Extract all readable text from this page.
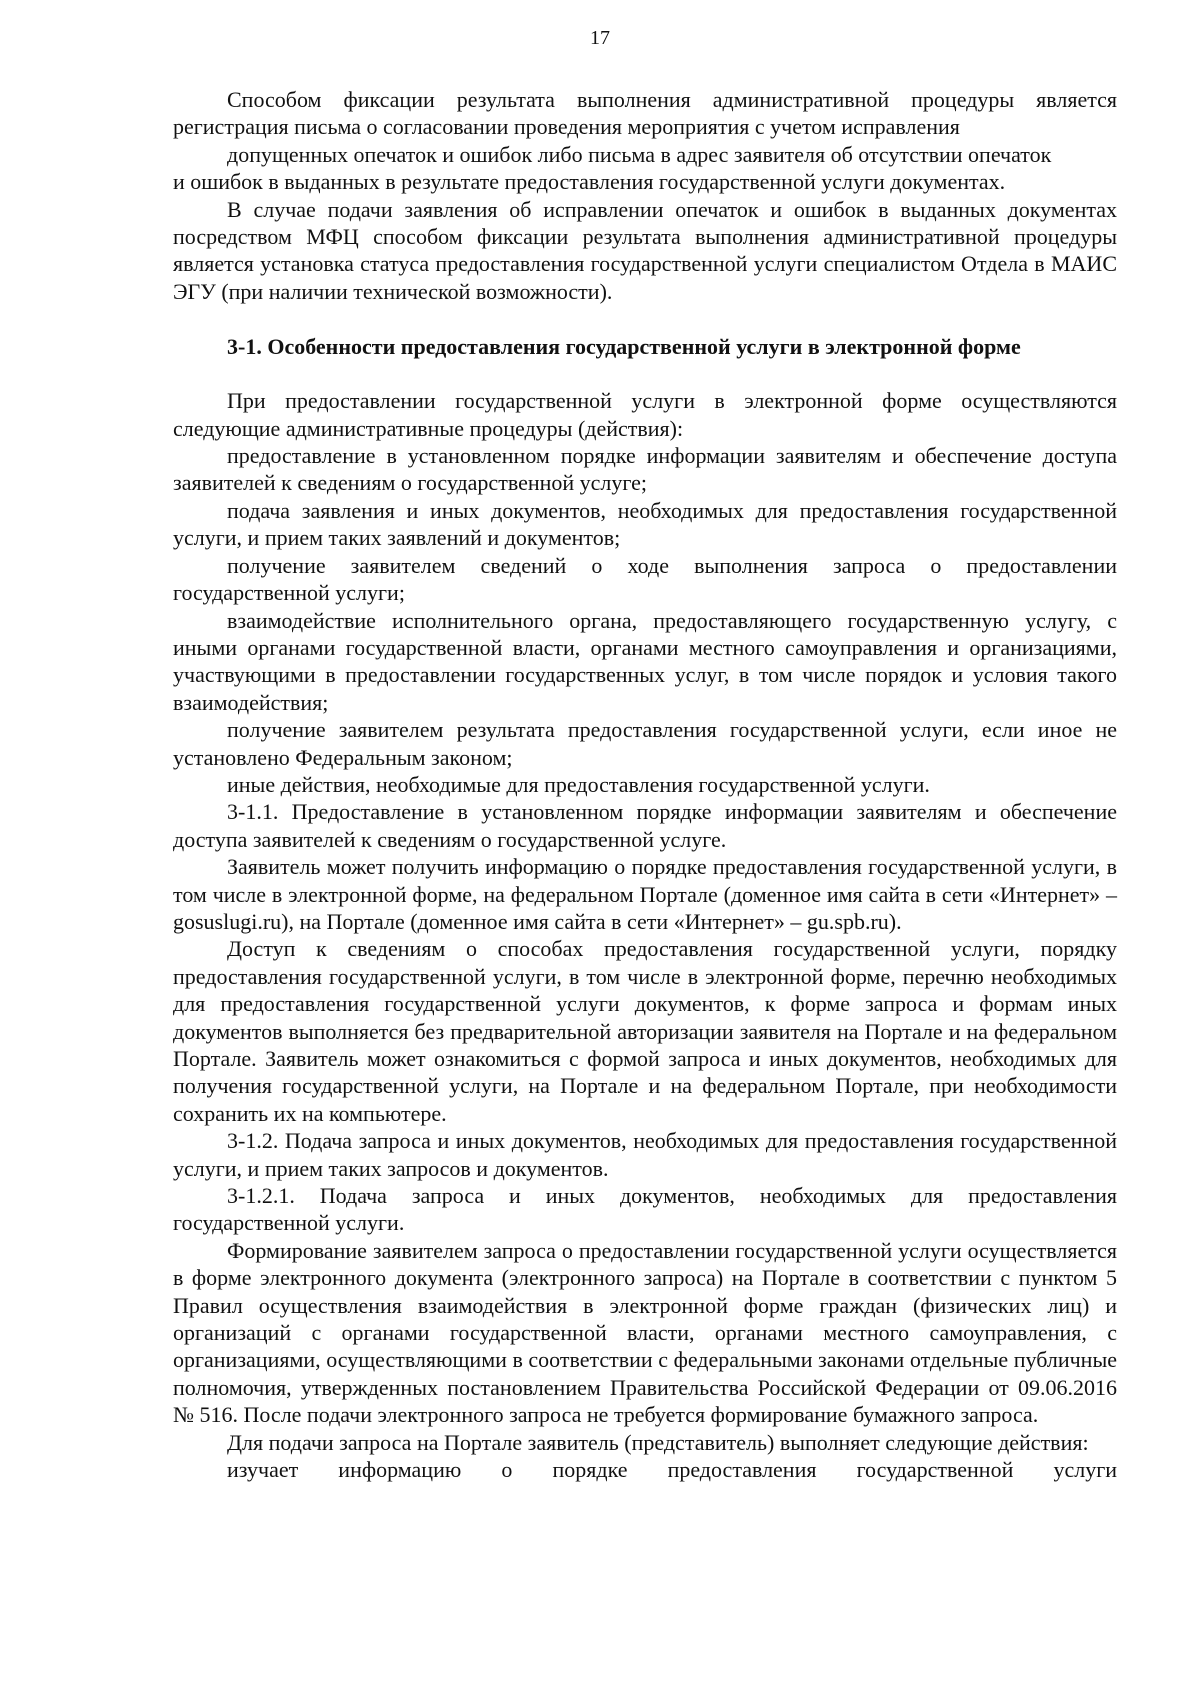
17

Способом фиксации результата выполнения административной процедуры является регистрация письма о согласовании проведения мероприятия с учетом исправления

допущенных опечаток и ошибок либо письма в адрес заявителя об отсутствии опечаток

и ошибок в выданных в результате предоставления государственной услуги документах.

В случае подачи заявления об исправлении опечаток и ошибок в выданных документах посредством МФЦ способом фиксации результата выполнения административной процедуры является установка статуса предоставления государственной услуги специалистом Отдела в МАИС ЭГУ (при наличии технической возможности).

3-1. Особенности предоставления государственной услуги в электронной форме

При предоставлении государственной услуги в электронной форме осуществляются следующие административные процедуры (действия):

предоставление в установленном порядке информации заявителям и обеспечение доступа заявителей к сведениям о государственной услуге;

подача заявления и иных документов, необходимых для предоставления государственной услуги, и прием таких заявлений и документов;

получение заявителем сведений о ходе выполнения запроса о предоставлении государственной услуги;

взаимодействие исполнительного органа, предоставляющего государственную услугу, с иными органами государственной власти, органами местного самоуправления и организациями, участвующими в предоставлении государственных услуг, в том числе порядок и условия такого взаимодействия;

получение заявителем результата предоставления государственной услуги, если иное не установлено Федеральным законом;

иные действия, необходимые для предоставления государственной услуги.

3-1.1. Предоставление в установленном порядке информации заявителям и обеспечение доступа заявителей к сведениям о государственной услуге.

Заявитель может получить информацию о порядке предоставления государственной услуги, в том числе в электронной форме, на федеральном Портале (доменное имя сайта в сети «Интернет» – gosuslugi.ru), на Портале (доменное имя сайта в сети «Интернет» – gu.spb.ru).

Доступ к сведениям о способах предоставления государственной услуги, порядку предоставления государственной услуги, в том числе в электронной форме, перечню необходимых для предоставления государственной услуги документов, к форме запроса и формам иных документов выполняется без предварительной авторизации заявителя на Портале и на федеральном Портале. Заявитель может ознакомиться с формой запроса и иных документов, необходимых для получения государственной услуги, на Портале и на федеральном Портале, при необходимости сохранить их на компьютере.

3-1.2. Подача запроса и иных документов, необходимых для предоставления государственной услуги, и прием таких запросов и документов.

3-1.2.1. Подача запроса и иных документов, необходимых для предоставления государственной услуги.

Формирование заявителем запроса о предоставлении государственной услуги осуществляется в форме электронного документа (электронного запроса) на Портале в соответствии с пунктом 5 Правил осуществления взаимодействия в электронной форме граждан (физических лиц) и организаций с органами государственной власти, органами местного самоуправления, с организациями, осуществляющими в соответствии с федеральными законами отдельные публичные полномочия, утвержденных постановлением Правительства Российской Федерации от 09.06.2016 № 516. После подачи электронного запроса не требуется формирование бумажного запроса.

Для подачи запроса на Портале заявитель (представитель) выполняет следующие действия:

изучает информацию о порядке предоставления государственной услуги
